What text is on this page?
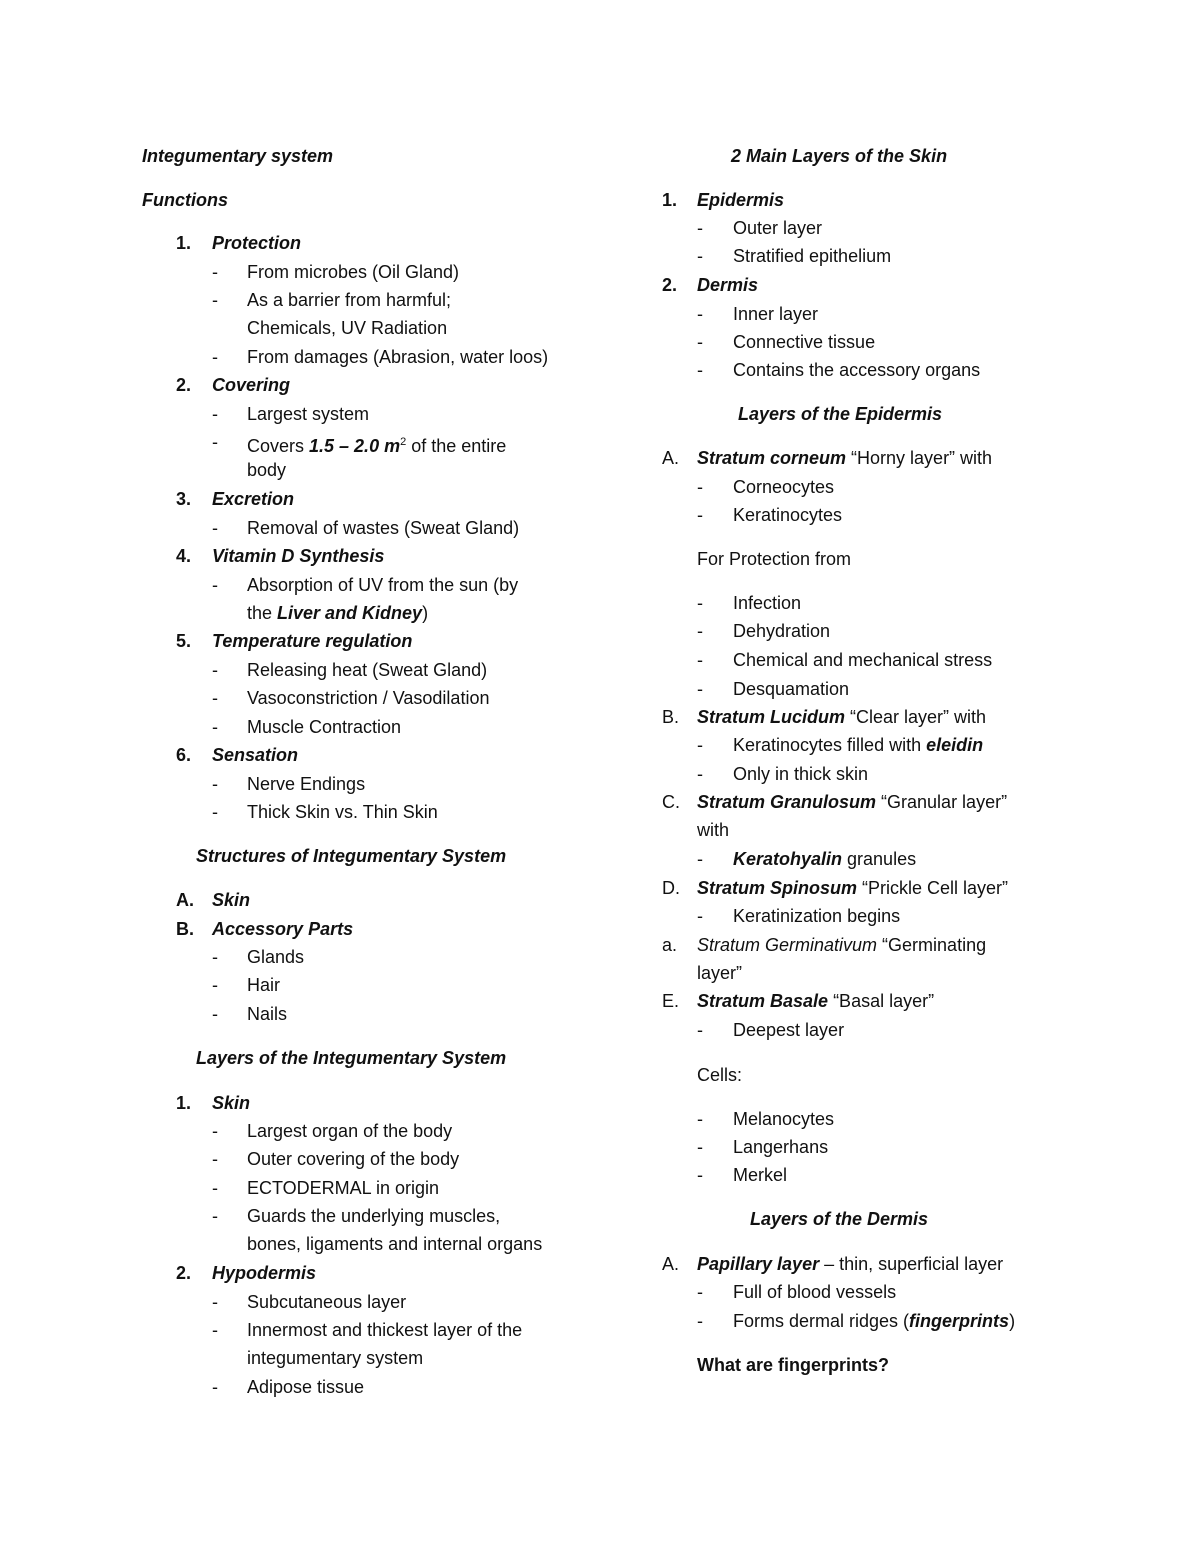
Integumentary system
Functions
1. Protection
- From microbes (Oil Gland)
- As a barrier from harmful;
Chemicals, UV Radiation
- From damages (Abrasion, water loos)
2. Covering
- Largest system
- Covers 1.5 – 2.0 $m^2$ of the entire
body
3. Excretion
- Removal of wastes (Sweat Gland)
4. Vitamin D Synthesis
- Absorption of UV from the sun (by
the Liver and Kidney)
5. Temperature regulation
- Releasing heat (Sweat Gland)
- Vasoconstriction / Vasodilation
- Muscle Contraction
6. Sensation
- Nerve Endings
- Thick Skin vs. Thin Skin
Structures of Integumentary System
A. Skin
B. Accessory Parts
- Glands
- Hair
- Nails
Layers of the Integumentary System
1. Skin
- Largest organ of the body
- Outer covering of the body
- ECTODERMAL in origin
- Guards the underlying muscles,
bones, ligaments and internal organs
2. Hypodermis
- Subcutaneous layer
- Innermost and thickest layer of the
integumentary system
- Adipose tissue
2 Main Layers of the Skin
1. Epidermis
- Outer layer
- Stratified epithelium
2. Dermis
- Inner layer
- Connective tissue
- Contains the accessory organs
Layers of the Epidermis
A. Stratum corneum “Horny layer” with
- Corneocytes
- Keratinocytes
For Protection from
- Infection
- Dehydration
- Chemical and mechanical stress
- Desquamation
B. Stratum Lucidum “Clear layer” with
- Keratinocytes filled with eleidin
- Only in thick skin
C. Stratum Granulosum “Granular layer”
with
- Keratohyalin granules
D. Stratum Spinosum “Prickle Cell layer”
- Keratinization begins
a. Stratum Germinativum “Germinating
layer”
E. Stratum Basale “Basal layer”
- Deepest layer
Cells:
- Melanocytes
- Langerhans
- Merkel
Layers of the Dermis
A. Papillary layer – thin, superficial layer
- Full of blood vessels
- Forms dermal ridges (fingerprints)
What are fingerprints?
